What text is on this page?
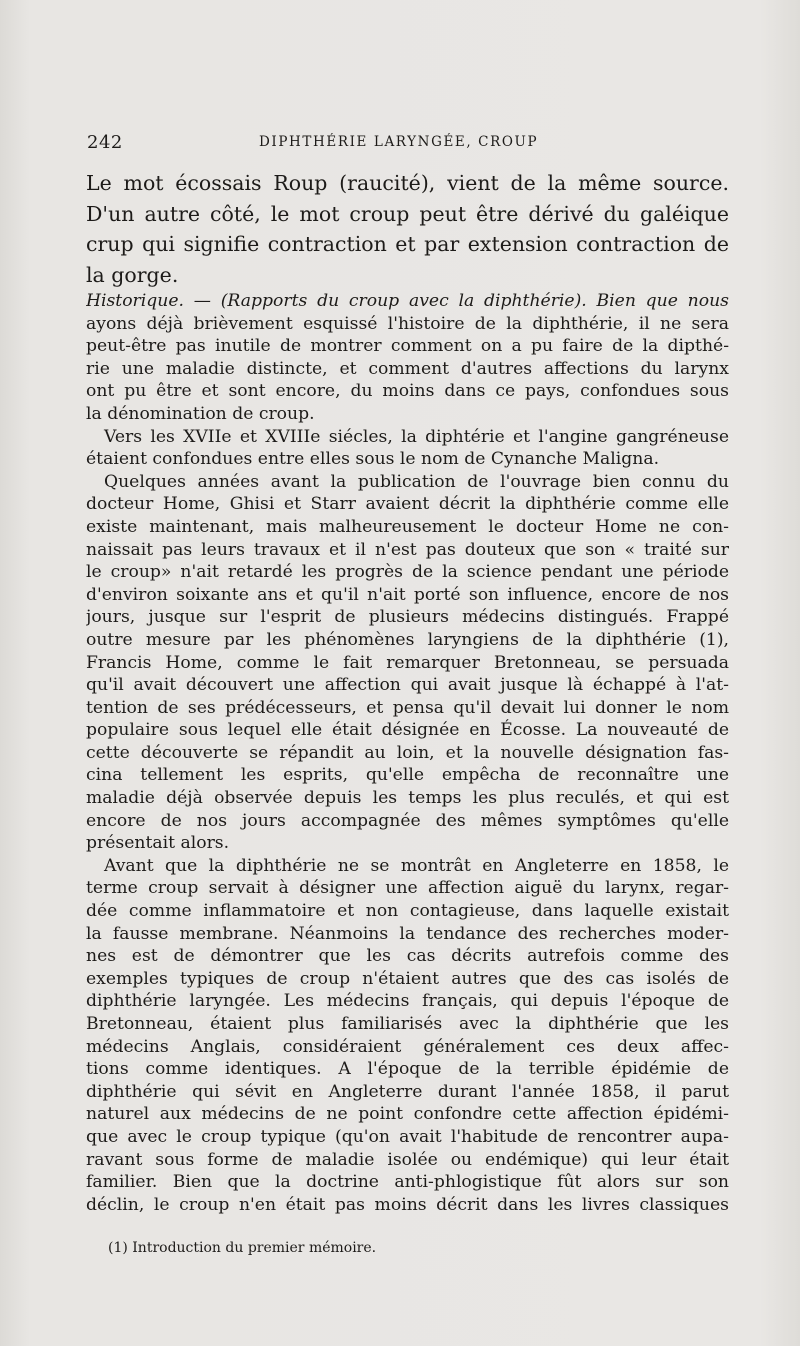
242	DIPHTHÉRIE LARYNGÉE, CROUP
Le mot écossais Roup (raucité), vient de la même source.
D'un autre côté, le mot croup peut être dérivé du galéique
crup qui signifie contraction et par extension contraction de
la gorge.
Historique. — (Rapports du croup avec la diphthérie). Bien que nous
ayons déjà brièvement esquissé l'histoire de la diphthérie, il ne sera
peut-être pas inutile de montrer comment on a pu faire de la dipthé-
rie une maladie distincte, et comment d'autres affections du larynx
ont pu être et sont encore, du moins dans ce pays, confondues sous
la dénomination de croup.
Vers les XVIIe et XVIIIe siécles, la diphtérie et l'angine gangréneuse
étaient confondues entre elles sous le nom de Cynanche Maligna.
Quelques années avant la publication de l'ouvrage bien connu du
docteur Home, Ghisi et Starr avaient décrit la diphthérie comme elle
existe maintenant, mais malheureusement le docteur Home ne con-
naissait pas leurs travaux et il n'est pas douteux que son « traité sur
le croup» n'ait retardé les progrès de la science pendant une période
d'environ soixante ans et qu'il n'ait porté son influence, encore de nos
jours, jusque sur l'esprit de plusieurs médecins distingués. Frappé
outre mesure par les phénomènes laryngiens de la diphthérie (1),
Francis Home, comme le fait remarquer Bretonneau, se persuada
qu'il avait découvert une affection qui avait jusque là échappé à l'at-
tention de ses prédécesseurs, et pensa qu'il devait lui donner le nom
populaire sous lequel elle était désignée en Écosse. La nouveauté de
cette découverte se répandit au loin, et la nouvelle désignation fas-
cina tellement les esprits, qu'elle empêcha de reconnaître une
maladie déjà observée depuis les temps les plus reculés, et qui est
encore de nos jours accompagnée des mêmes symptômes qu'elle
présentait alors.
Avant que la diphthérie ne se montrât en Angleterre en 1858, le
terme croup servait à désigner une affection aiguë du larynx, regar-
dée comme inflammatoire et non contagieuse, dans laquelle existait
la fausse membrane. Néanmoins la tendance des recherches moder-
nes est de démontrer que les cas décrits autrefois comme des
exemples typiques de croup n'étaient autres que des cas isolés de
diphthérie laryngée. Les médecins français, qui depuis l'époque de
Bretonneau, étaient plus familiarisés avec la diphthérie que les
médecins Anglais, considéraient généralement ces deux affec-
tions comme identiques. A l'époque de la terrible épidémie de
diphthérie qui sévit en Angleterre durant l'année 1858, il parut
naturel aux médecins de ne point confondre cette affection épidémi-
que avec le croup typique (qu'on avait l'habitude de rencontrer aupa-
ravant sous forme de maladie isolée ou endémique) qui leur était
familier. Bien que la doctrine anti-phlogistique fût alors sur son
déclin, le croup n'en était pas moins décrit dans les livres classiques
(1) Introduction du premier mémoire.
